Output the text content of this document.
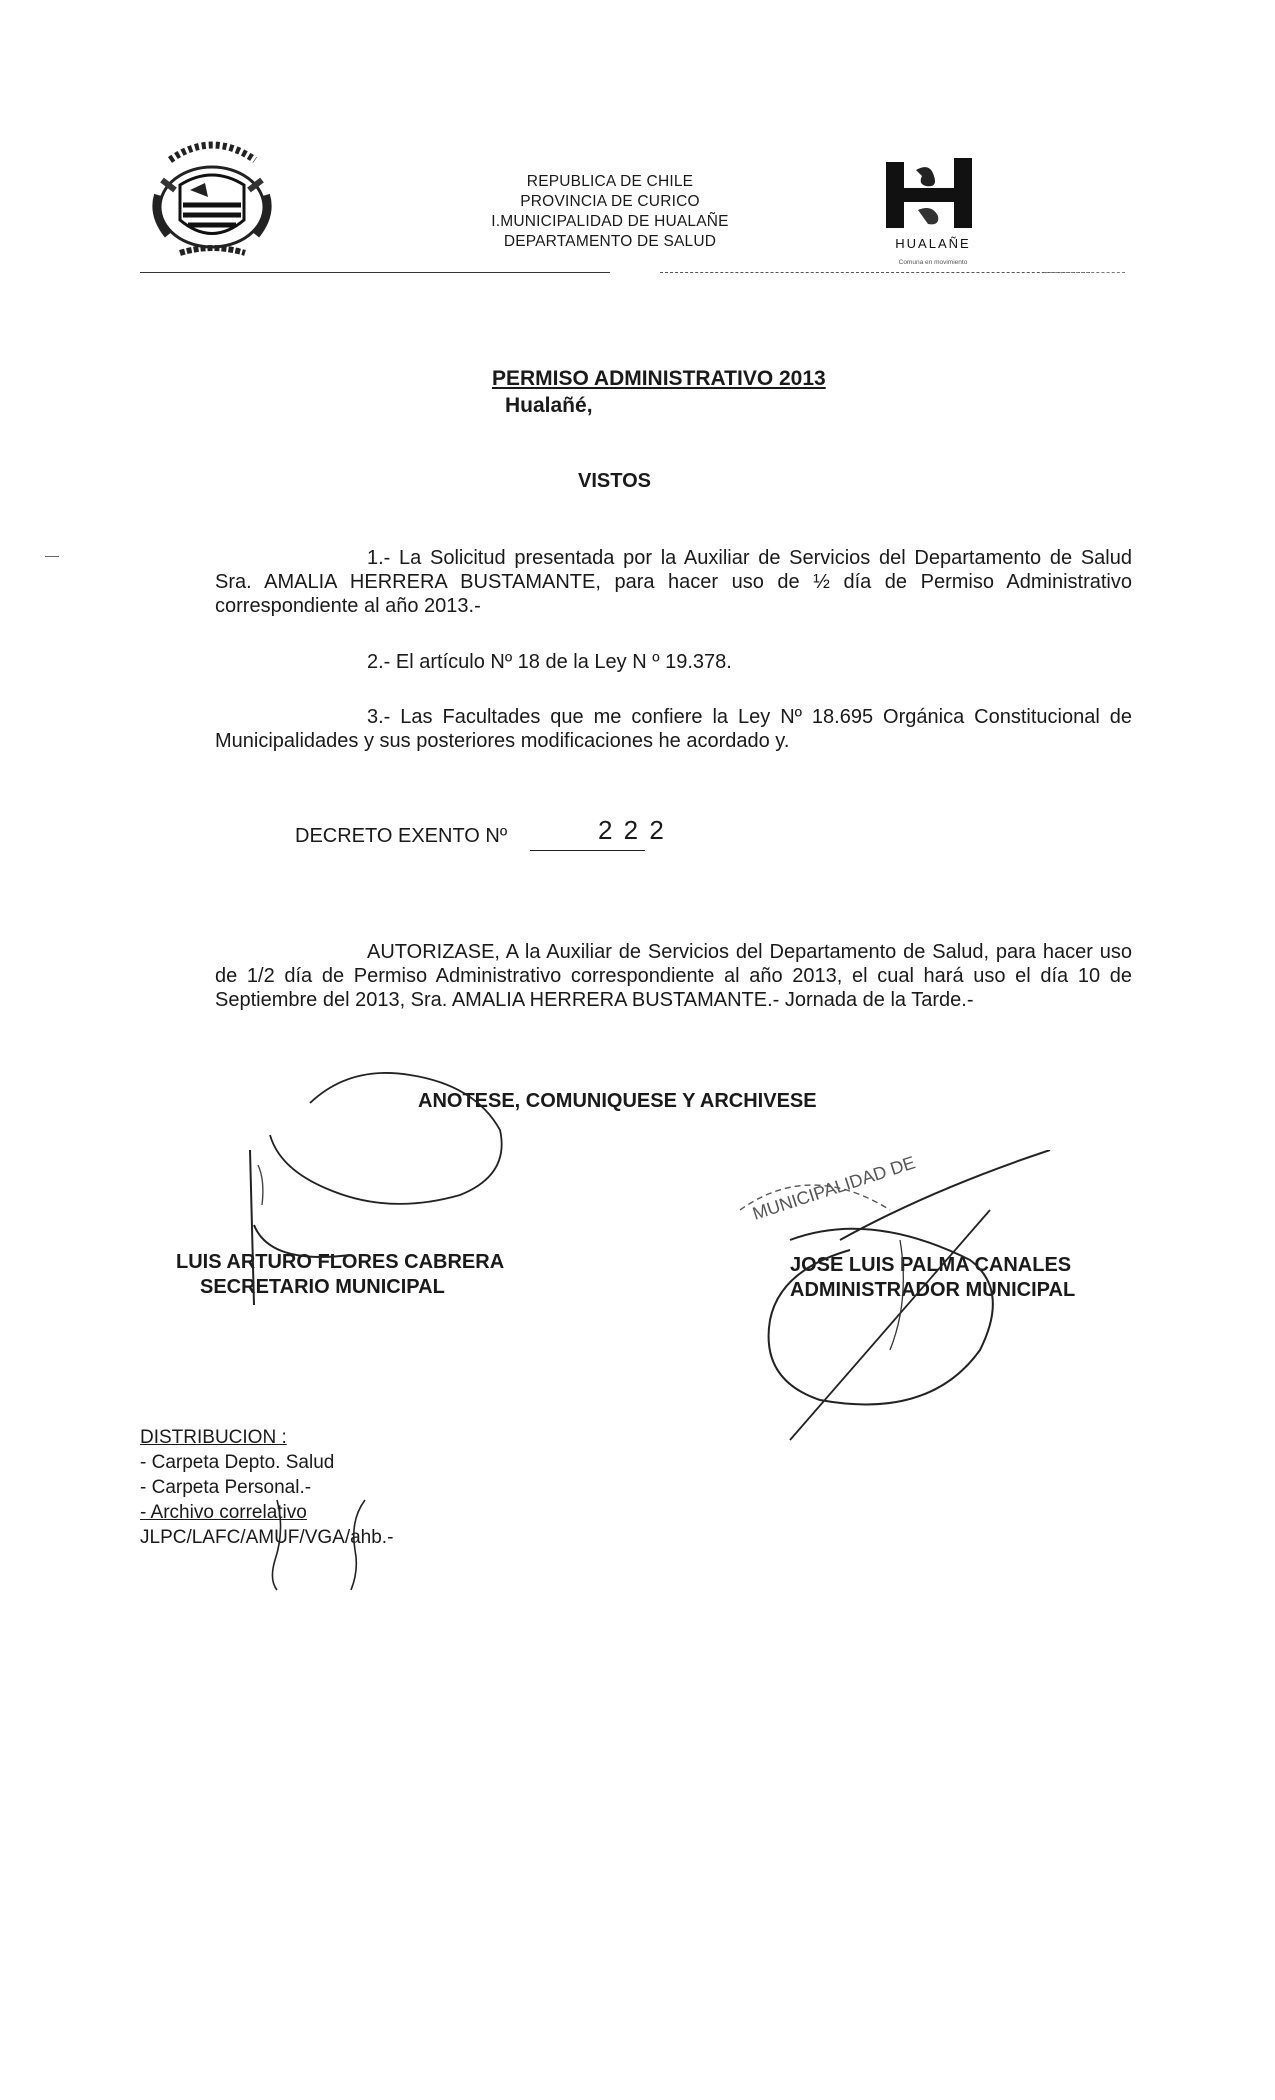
HUALAÑE
Comuna en movimiento
REPUBLICA DE CHILE
PROVINCIA DE CURICO
I.MUNICIPALIDAD DE HUALAÑE
DEPARTAMENTO DE SALUD
PERMISO ADMINISTRATIVO 2013
Hualañé,
VISTOS
1.- La Solicitud presentada por la Auxiliar de Servicios del Departamento de Salud Sra. AMALIA HERRERA BUSTAMANTE, para hacer uso de ½ día de Permiso Administrativo correspondiente al año 2013.-
2.- El artículo Nº 18 de la Ley N º 19.378.
3.- Las Facultades que me confiere la Ley Nº 18.695 Orgánica Constitucional de Municipalidades y sus posteriores modificaciones he acordado y.
DECRETO EXENTO Nº	2 2 2
AUTORIZASE, A la Auxiliar de Servicios del Departamento de Salud, para hacer uso de 1/2 día de Permiso Administrativo correspondiente al año 2013, el cual hará uso el día 10 de Septiembre del 2013, Sra. AMALIA HERRERA BUSTAMANTE.- Jornada de la Tarde.-
ANOTESE, COMUNIQUESE Y ARCHIVESE
LUIS ARTURO FLORES CABRERA
SECRETARIO MUNICIPAL
JOSE LUIS PALMA CANALES
ADMINISTRADOR MUNICIPAL
MUNICIPALIDAD DE
DISTRIBUCION :
- Carpeta Depto. Salud
- Carpeta Personal.-
- Archivo correlativo
JLPC/LAFC/AMUF/VGA/ahb.-
